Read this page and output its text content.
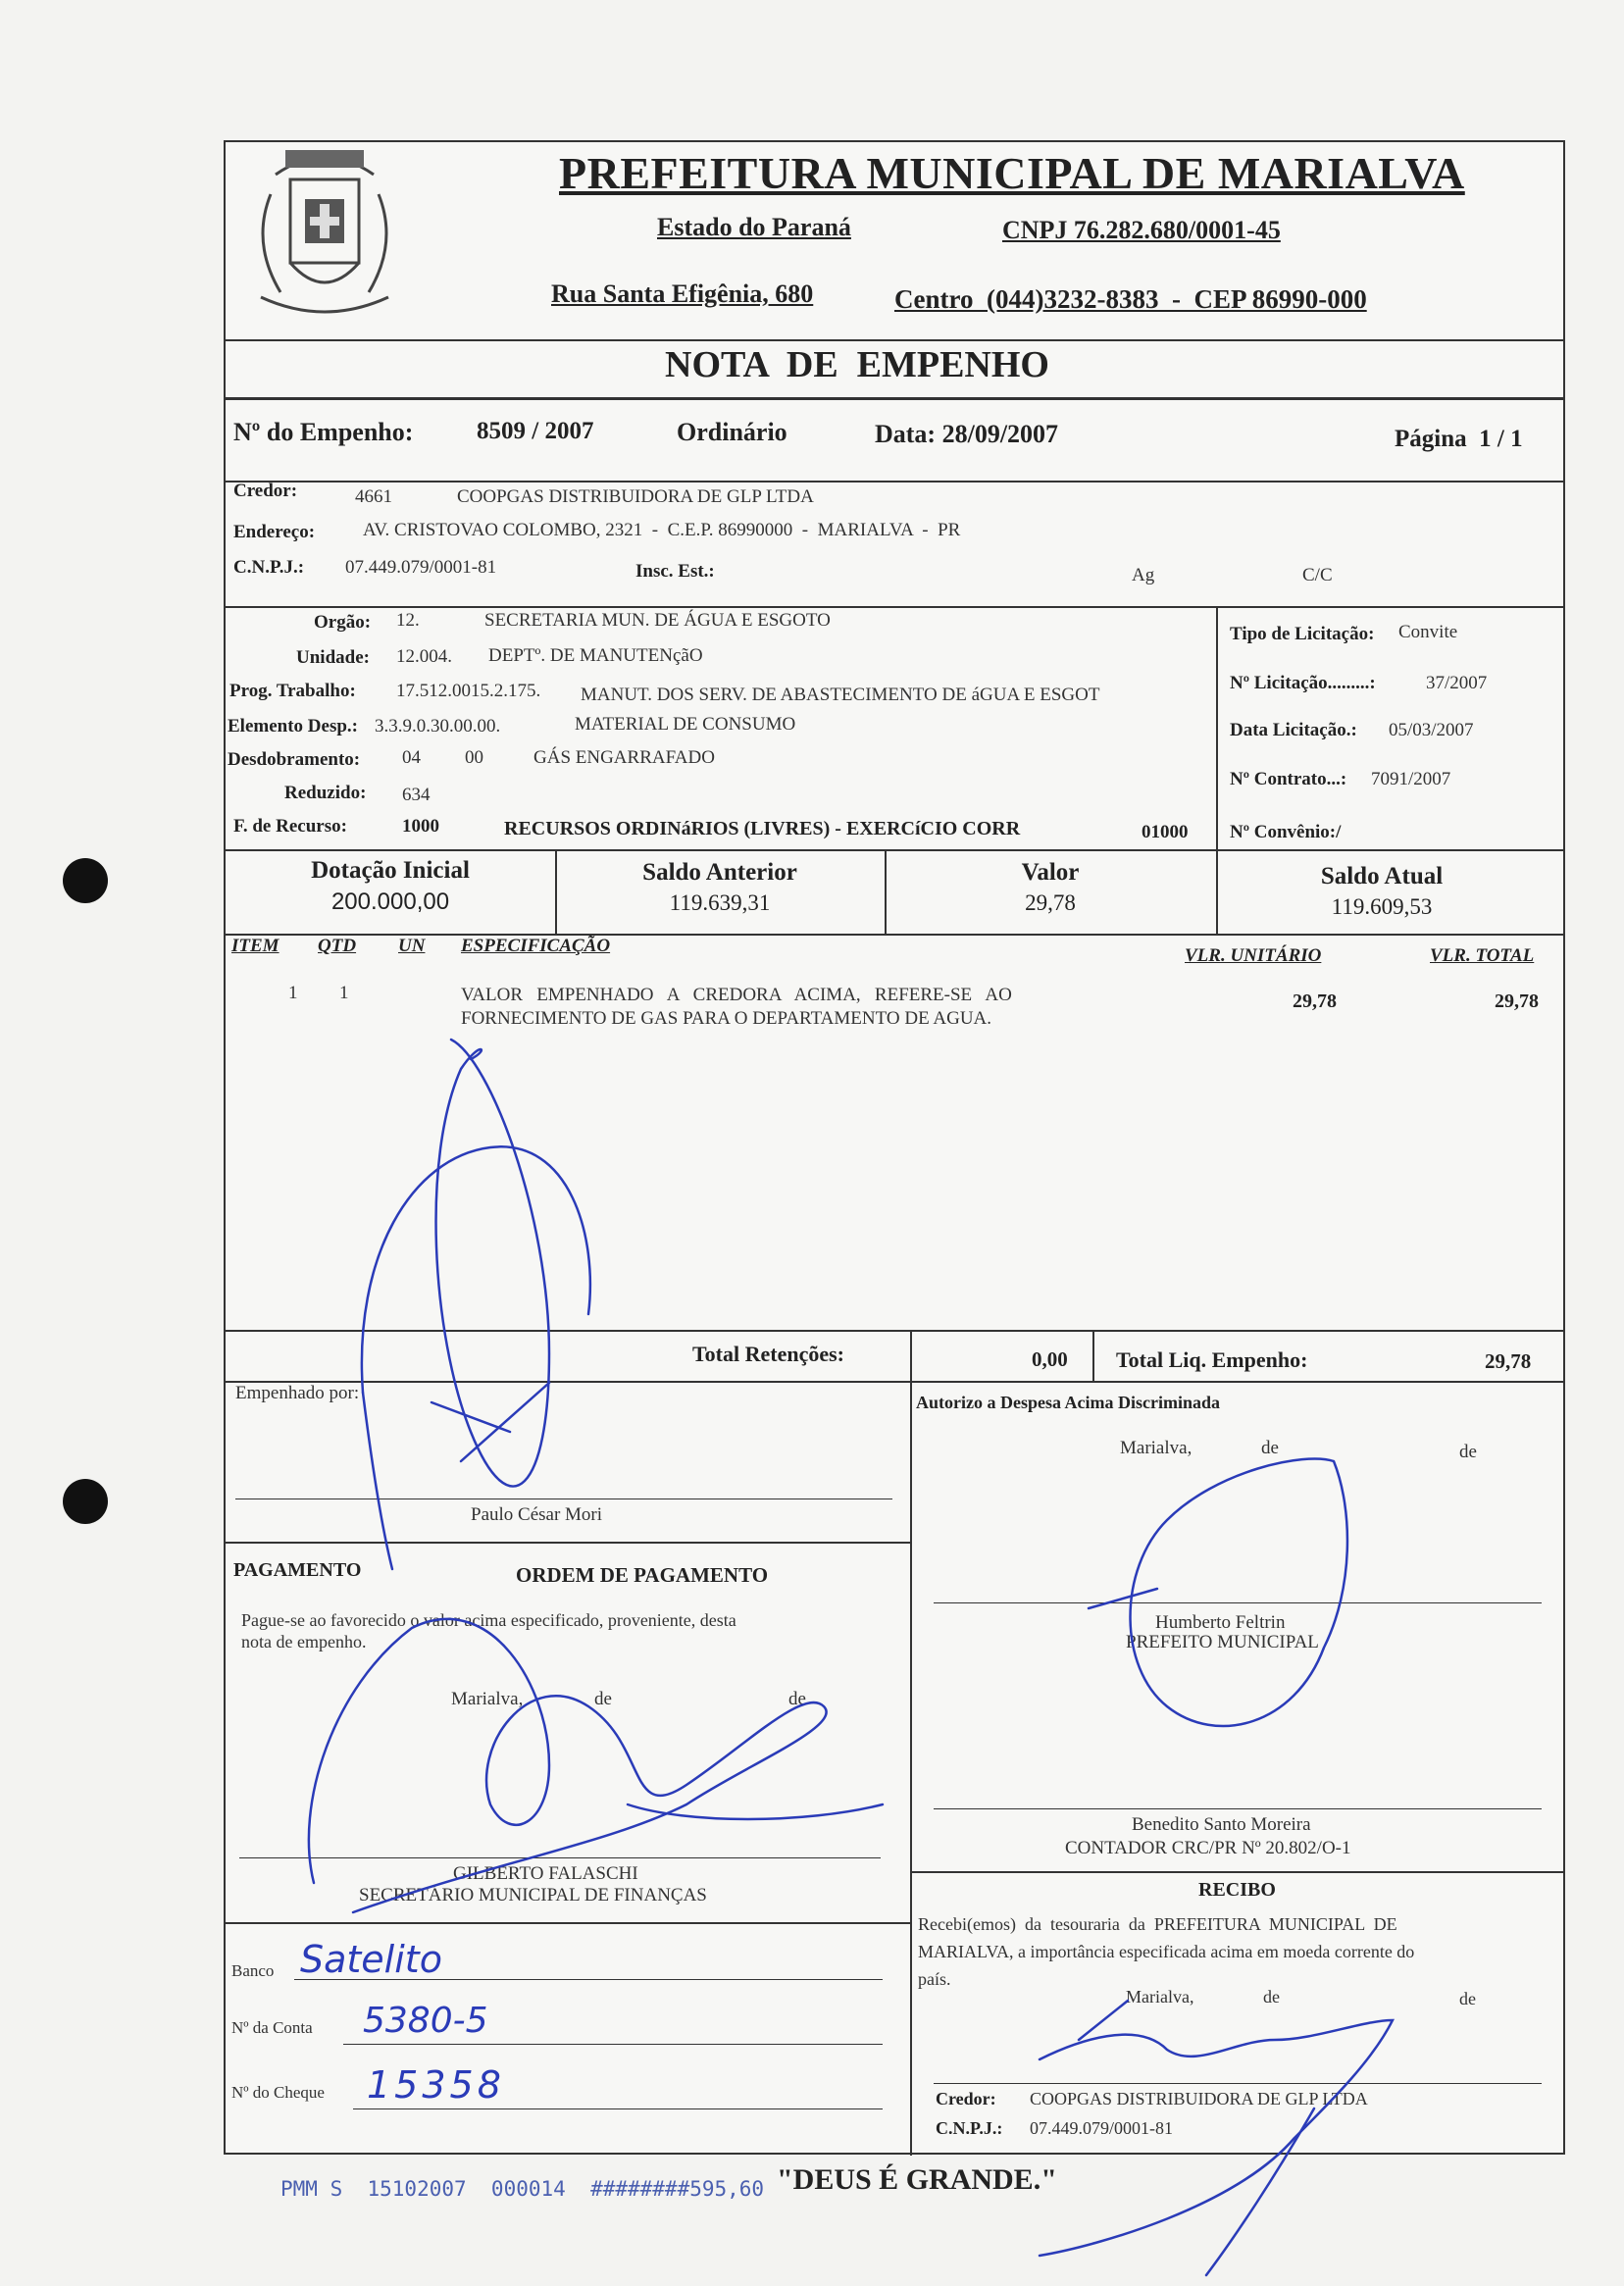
PREFEITURA MUNICIPAL DE MARIALVA
Estado do Paraná	CNPJ 76.282.680/0001-45
Rua Santa Efigênia, 680	Centro  (044)3232-8383  -  CEP 86990-000
NOTA  DE  EMPENHO
Nº do Empenho:	8509 / 2007	Ordinário	Data: 28/09/2007	Página  1 / 1
Credor:	4661	COOPGAS DISTRIBUIDORA DE GLP LTDA
Endereço:	AV. CRISTOVAO COLOMBO, 2321  -  C.E.P. 86990000  -  MARIALVA  -  PR
C.N.P.J.: 07.449.079/0001-81	Insc. Est.:	Ag	C/C
Orgão: 12.	SECRETARIA MUN. DE ÁGUA E ESGOTO
Unidade: 12.004. DEPTº. DE MANUTENçãO
Prog. Trabalho: 17.512.0015.2.175. MANUT. DOS SERV. DE ABASTECIMENTO DE áGUA E ESGOT
Elemento Desp.: 3.3.9.0.30.00.00.	MATERIAL DE CONSUMO
Desdobramento: 04 00	GÁS ENGARRAFADO
Reduzido: 634
F. de Recurso:	1000	RECURSOS ORDINáRIOS (LIVRES) - EXERCíCIO CORR	01000
Tipo de Licitação: Convite
Nº Licitação.........:	37/2007
Data Licitação.: 05/03/2007
Nº Contrato...: 7091/2007
Nº Convênio:/
Dotação Inicial
200.000,00
Saldo Anterior
119.639,31
Valor
29,78
Saldo Atual
119.609,53
ITEM QTD UN ESPECIFICAÇÃO	VLR. UNITÁRIO	VLR. TOTAL
1 1	VALOR   EMPENHADO   A   CREDORA   ACIMA,   REFERE-SE   AO
FORNECIMENTO DE GAS PARA O DEPARTAMENTO DE AGUA.
29,78	29,78
Total Retenções:	0,00 Total Liq. Empenho:	29,78
Empenhado por:
Paulo César Mori
Autorizo a Despesa Acima Discriminada
Marialva,	de	de
Humberto Feltrin
PREFEITO MUNICIPAL
Benedito Santo Moreira
CONTADOR CRC/PR Nº 20.802/O-1
PAGAMENTO	ORDEM DE PAGAMENTO
Pague-se ao favorecido o valor acima especificado, proveniente, desta
nota de empenho.
Marialva,	de	de
GILBERTO FALASCHI
SECRETÁRIO MUNICIPAL DE FINANÇAS
Banco Satelito
Nº da Conta 5380-5
Nº do Cheque 15358
RECIBO
Recebi(emos)  da  tesouraria  da  PREFEITURA  MUNICIPAL  DE
MARIALVA, a importância especificada acima em moeda corrente do
país.
Marialva,	de	de
Credor: COOPGAS DISTRIBUIDORA DE GLP LTDA
C.N.P.J.: 07.449.079/0001-81
PMM S  15102007  000014  ########595,60 "DEUS É GRANDE."
